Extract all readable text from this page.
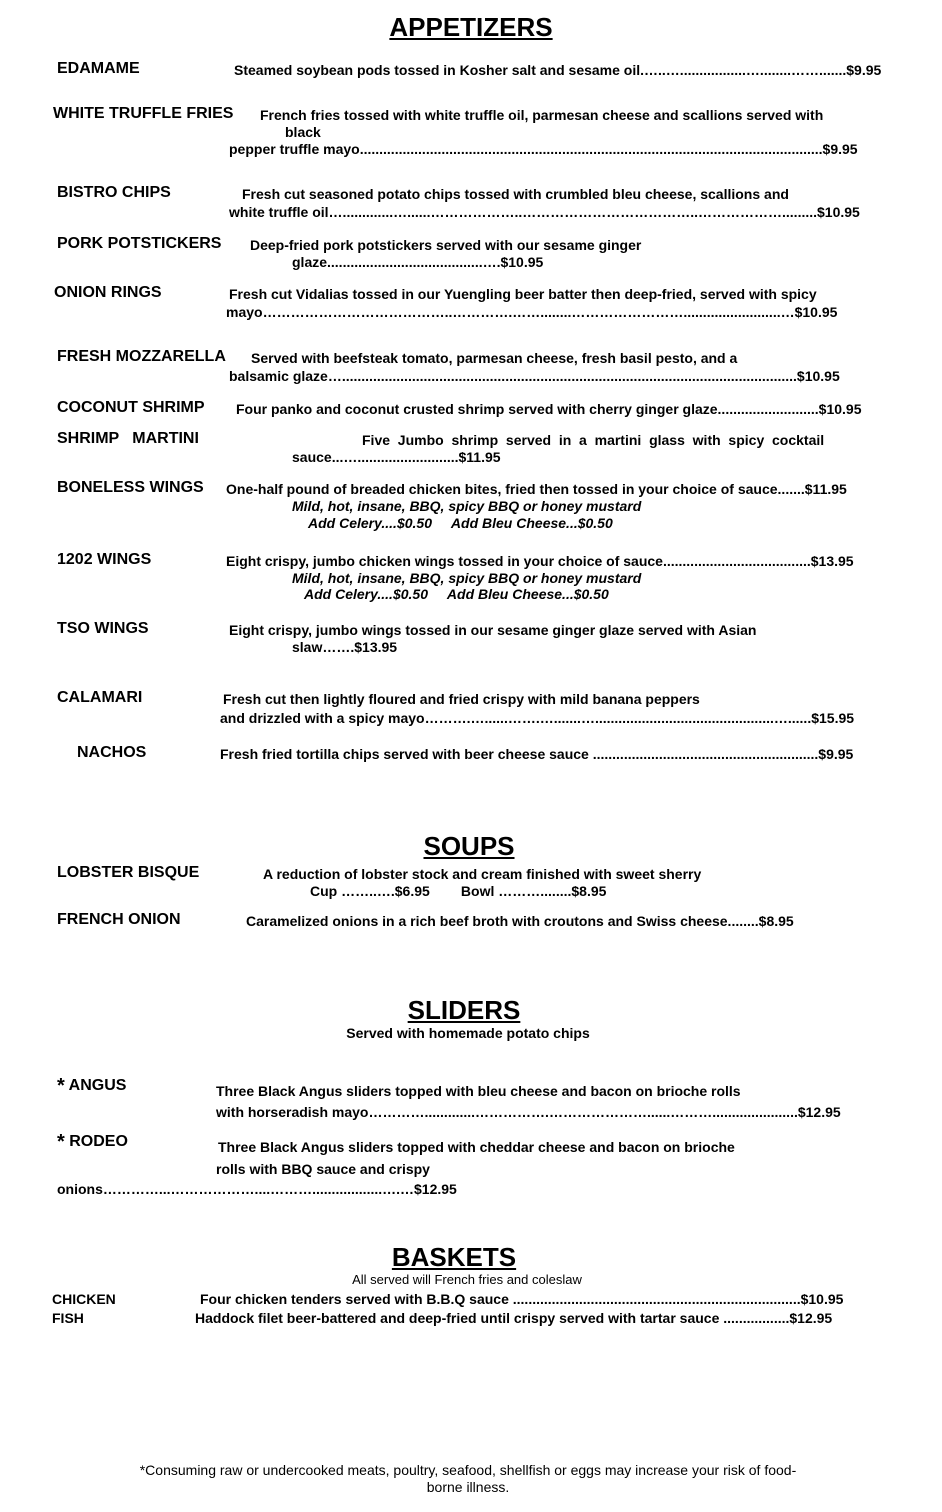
APPETIZERS
EDAMAME	Steamed soybean pods tossed in Kosher salt and sesame oil.…..….................…........…….......$9.95
WHITE TRUFFLE FRIES French fries tossed with white truffle oil, parmesan cheese and scallions served with
black
pepper truffle mayo.......................................................................................................................$9.95
BISTRO CHIPS	Fresh cut seasoned potato chips tossed with crumbled bleu cheese, scallions and
white truffle oil….............…......………………..………………………………..……………….........$10.95
PORK POTSTICKERS Deep-fried pork potstickers served with our sesame ginger
glaze........................................….$10.95
ONION RINGS	Fresh cut Vidalias tossed in our Yuengling beer batter then deep-fried, served with spicy
mayo…………………………………..………….……........…………………….........................…$10.95
FRESH MOZZARELLA Served with beefsteak tomato, parmesan cheese, fresh basil pesto, and a
balsamic glaze….....................................................................................................................$10.95
COCONUT SHRIMP Four panko and coconut crusted shrimp served with cherry ginger glaze..........................$10.95
SHRIMP   MARTINI	Five  Jumbo  shrimp  served  in  a  martini  glass  with  spicy  cocktail
sauce...…..........................$11.95
BONELESS WINGS One-half pound of breaded chicken bites, fried then tossed in your choice of sauce.......$11.95
Mild, hot, insane, BBQ, spicy BBQ or honey mustard
Add Celery....$0.50     Add Bleu Cheese...$0.50
1202 WINGS	Eight crispy, jumbo chicken wings tossed in your choice of sauce......................................$13.95
Mild, hot, insane, BBQ, spicy BBQ or honey mustard
Add Celery....$0.50     Add Bleu Cheese...$0.50
TSO WINGS	Eight crispy, jumbo wings tossed in our sesame ginger glaze served with Asian
slaw…….$13.95
CALAMARI	Fresh cut then lightly floured and fried crispy with mild banana peppers
and drizzled with a spicy mayo……….…......…….….......…..............................................…......$15.95
NACHOS	Fresh fried tortilla chips served with beer cheese sauce ..........................................................$9.95
SOUPS
LOBSTER BISQUE	A reduction of lobster stock and cream finished with sweet sherry
Cup ……..….$6.95        Bowl ………........$8.95
FRENCH ONION	Caramelized onions in a rich beef broth with croutons and Swiss cheese........$8.95
SLIDERS
Served with homemade potato chips
* ANGUS	Three Black Angus sliders topped with bleu cheese and bacon on brioche rolls
with horseradish mayo………….............…………….…………………......………......................$12.95
* RODEO	Three Black Angus sliders topped with cheddar cheese and bacon on brioche
rolls with BBQ sauce and crispy
onions…………...………………....………..................….…$12.95
BASKETS
All served will French fries and coleslaw
CHICKEN	Four chicken tenders served with B.B.Q sauce ..........................................................................$10.95
FISH	Haddock filet beer-battered and deep-fried until crispy served with tartar sauce .................$12.95
*Consuming raw or undercooked meats, poultry, seafood, shellfish or eggs may increase your risk of food-
borne illness.
